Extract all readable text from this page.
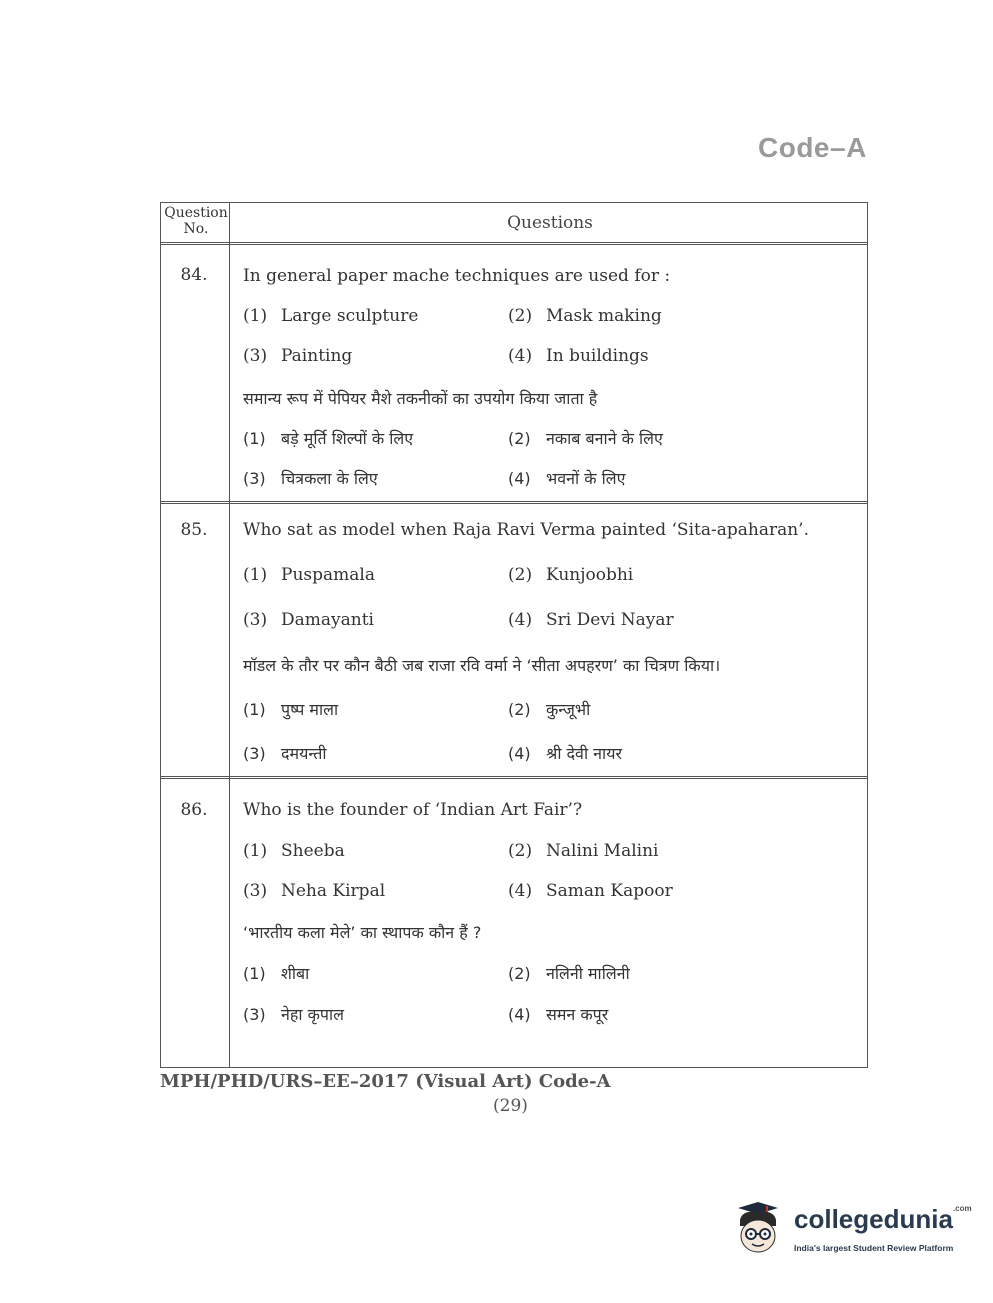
Code–A
Question
No.	Questions
84.	In general paper mache techniques are used for :
(1) Large sculpture	(2) Mask making
(3) Painting	(4) In buildings
समान्य रूप में पेपियर मैशे तकनीकों का उपयोग किया जाता है
(1) बड़े मूर्ति शिल्पों के लिए	(2) नकाब बनाने के लिए
(3) चित्रकला के लिए	(4) भवनों के लिए
85.	Who sat as model when Raja Ravi Verma painted ‘Sita-apaharan’.
(1) Puspamala	(2) Kunjoobhi
(3) Damayanti	(4) Sri Devi Nayar
मॉडल के तौर पर कौन बैठी जब राजा रवि वर्मा ने ‘सीता अपहरण’ का चित्रण किया।
(1) पुष्प माला	(2) कुन्जूभी
(3) दमयन्ती	(4) श्री देवी नायर
86.	Who is the founder of ‘Indian Art Fair’?
(1) Sheeba	(2) Nalini Malini
(3) Neha Kirpal	(4) Saman Kapoor
‘भारतीय कला मेले’ का स्थापक कौन हैं ?
(1) शीबा	(2) नलिनी मालिनी
(3) नेहा कृपाल	(4) समन कपूर
MPH/PHD/URS–EE–2017 (Visual Art) Code-A
(29)
collegedunia$^{.com}$
India's largest Student Review Platform
